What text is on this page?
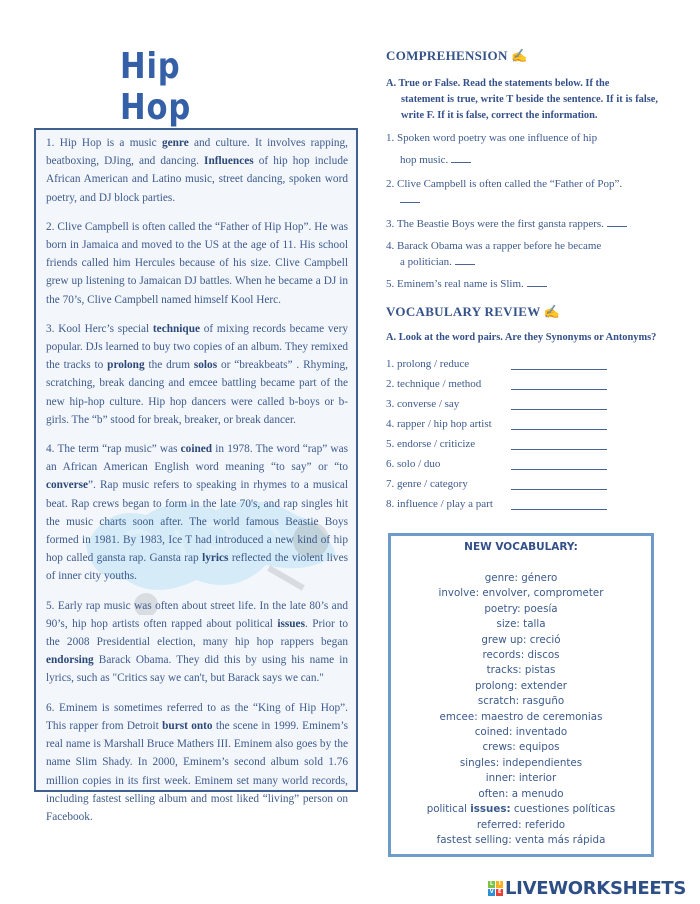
Hip Hop

1. Hip Hop is a music genre and culture. It involves rapping, beatboxing, DJing, and dancing. Influences of hip hop include African American and Latino music, street dancing, spoken word poetry, and DJ block parties.

2. Clive Campbell is often called the “Father of Hip Hop”. He was born in Jamaica and moved to the US at the age of 11. His school friends called him Hercules because of his size. Clive Campbell grew up listening to Jamaican DJ battles. When he became a DJ in the 70’s, Clive Campbell named himself Kool Herc.

3. Kool Herc’s special technique of mixing records became very popular. DJs learned to buy two copies of an album. They remixed the tracks to prolong the drum solos or “breakbeats” . Rhyming, scratching, break dancing and emcee battling became part of the new hip-hop culture. Hip hop dancers were called b-boys or b-girls. The “b” stood for break, breaker, or break dancer.

4. The term “rap music” was coined in 1978. The word “rap” was an African American English word meaning “to say” or “to converse”. Rap music refers to speaking in rhymes to a musical beat. Rap crews began to form in the late 70's, and rap singles hit the music charts soon after. The world famous Beastie Boys formed in 1981. By 1983, Ice T had introduced a new kind of hip hop called gansta rap. Gansta rap lyrics reflected the violent lives of inner city youths.

5. Early rap music was often about street life. In the late 80’s and 90’s, hip hop artists often rapped about political issues. Prior to the 2008 Presidential election, many hip hop rappers began endorsing Barack Obama. They did this by using his name in lyrics, such as "Critics say we can't, but Barack says we can."

6. Eminem is sometimes referred to as the “King of Hip Hop”. This rapper from Detroit burst onto the scene in 1999. Eminem’s real name is Marshall Bruce Mathers III. Eminem also goes by the name Slim Shady. In 2000, Eminem’s second album sold 1.76 million copies in its first week. Eminem set many world records, including fastest selling album and most liked “living” person on Facebook.

COMPREHENSION ✍
A. True or False. Read the statements below. If the
statement is true, write T beside the sentence. If it is false, write F. If it is false, correct the information.
1. Spoken word poetry was one influence of hip
hop music.
2. Clive Campbell is often called the “Father of Pop”.
3. The Beastie Boys were the first gansta rappers.
4. Barack Obama was a rapper before he became
a politician.
5. Eminem’s real name is Slim.
VOCABULARY REVIEW ✍
A. Look at the word pairs. Are they Synonyms or Antonyms?
1. prolong / reduce
2. technique / method
3. converse / say
4. rapper / hip hop artist
5. endorse / criticize
6. solo / duo
7. genre / category
8. influence / play a part
NEW VOCABULARY:
genre: género
involve: envolver, comprometer
poetry: poesía
size: talla
grew up: creció
records: discos
tracks: pistas
prolong: extender
scratch: rasguño
emcee: maestro de ceremonias
coined: inventado
crews: equipos
singles: independientes
inner: interior
often: a menudo
political issues: cuestiones políticas
referred: referido
fastest selling: venta más rápida
L	I
V E LIVEWORKSHEETS
